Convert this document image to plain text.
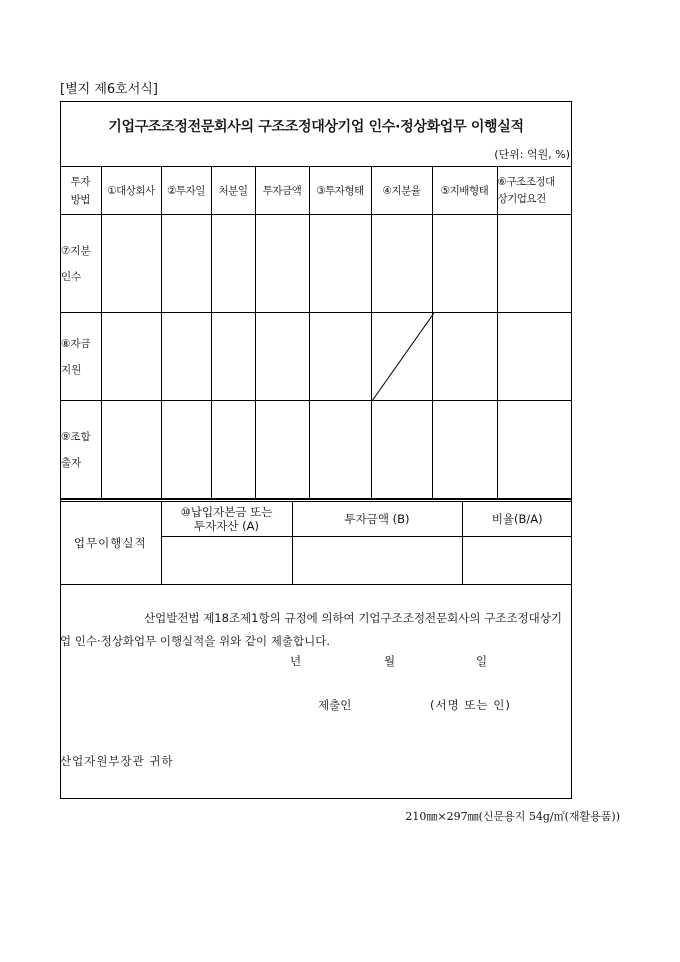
[별지 제6호서식]
기업구조조정전문회사의 구조조정대상기업 인수·정상화업무 이행실적
(단위: 억원, %)
투자
방법	①대상회사	②투자일	처분일	투자금액	③투자형태	④지분율	⑤지배형태	⑥구조조정대
상기업요건

⑦지분
인수								
⑧자금
지원						

⑨조합
출자								
업무이행실적	⑩납입자본금 또는
투자자산 (A)	투자금액 (B)	비율(B/A)

산업발전법 제18조제1항의 규정에 의하여 기업구조조정전문회사의 구조조정대상기업 인수·정상화업무 이행실적을 위와 같이 제출합니다.
년	월	일
제출인	(서명 또는 인)
산업자원부장관 귀하
210㎜×297㎜(신문용지 54g/㎡(재활용품))
